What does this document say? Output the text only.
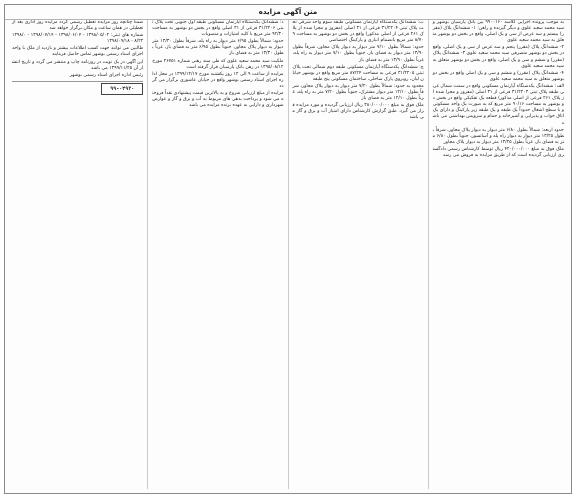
متن آگهی مزایده

به موجب پرونده اجرایی کلاسه ۹۹۰۰۱۶۰ بین بانک پارسیان بوشهر و سید محمد سعید علوی و دیگر گیرنده و راهن: ۱- ششدانگ پلاک (مقرر) بیستم و سه عرض از سی و یک اصلی، واقع در بخش دو بوشهر متعلق به سید محمد سعید علوی

۲- ششدانگ پلاک (مقرر) پنجم و سه عرض از سی و یک اصلی، واقع در بخش دو بوشهر متصرفی سید محمد سعید علوی ۳- ششدانگ پلاک (مقرر) و ششم و سی و یک اصلی، واقع در بخش دو بوشهر متعلق به سید محمد سعید علوی

۴- ششدانگ پلاک (مقرر) و ششم و سی و یک اصلی واقع در بخش دو بوشهر متعلق به سید محمد سعید علوی

الف: ششدانگ یکدستگاه آپارتمان مسکونی واقع در سمت شمال غربی طبقه پلاک ثبتی ۳۱/۲۲۰۳ فرعی از ۳۱ اصلی (مفروز و مجزا شده از پلاک ۲۶۱ فرعی از اصلی مذکور) قطعه یک تفکیکی واقع در بخش دو بوشهر به مساحت ۹۰/۱۶ متر مربع که به صورت یک واحد مسکونی و با سطح اشغال حدوداً یک طبقه و یک طبقه زیر پارکینگ و دارای یک اتاق خواب و پذیرایی و آشپزخانه و حمام و سرویس بهداشتی می باشد

حدود اربعه: شمالاً بطول ۶/۸۰ متر دیوار به دیوار پلاک مجاور، شرقاً بطول ۱۳/۲۵ متر دیوار به دیوار راه پله و آسانسور، جنوباً بطول ۶/۸۰ متر به فضای باز، غرباً بطول ۱۳/۲۵ متر دیوار به دیوار پلاک مجاور

ملک فوق به مبلغ ۴۲۰/۰۰۰/۰۰۰ ریال توسط کارشناس رسمی دادگستری ارزیابی گردیده است که از طریق مزایده به فروش می رسد

ب: ششدانگ یکدستگاه آپارتمان مسکونی طبقه سوم واحد شرقی تحت پلاک ثبتی ۳۱/۲۲۰۴ فرعی از ۳۱ اصلی (مفروز و مجزا شده از پلاک ۲۶۱ فرعی از اصلی مذکور) واقع در بخش دو بوشهر به مساحت ۹۸/۷۰ متر مربع بانضمام انباری و پارکینگ اختصاصی

حدود: شمالاً بطول ۷/۱۰ متر دیوار به دیوار پلاک مجاور، شرقاً بطول ۱۳/۹۰ متر دیوار به فضای باز، جنوباً بطول ۷/۱۰ متر دیوار به راه پله، غرباً بطول ۱۳/۹۰ متر به فضای باز

ج: ششدانگ یکدستگاه آپارتمان مسکونی طبقه دوم شمالی تحت پلاک ثبتی ۳۱/۲۲۰۵ فرعی به مساحت ۸۷/۲۴ متر مربع واقع در بوشهر خیابان لیان، روبروی پارک ساحلی، ساختمان مسکونی پنج طبقه

محدود به حدود: شمالاً بطول ۷/۲۰ متر دیوار به دیوار پلاک مجاور، شرقاً بطول ۱۲/۱۰ متر دیوار مشترک، جنوباً بطول ۷/۲۰ متر به راه پله، غرباً بطول ۱۲/۱۰ متر به فضای باز

ملک فوق به مبلغ ۳۸۰/۰۰۰/۰۰۰ ریال ارزیابی گردیده و مورد مزایده قرار می گیرد. طبق گزارش کارشناس دارای امتیاز آب و برق و گاز می باشد

د: ششدانگ یکدستگاه آپارتمان مسکونی طبقه اول جنوبی تحت پلاک ثبتی ۳۱/۲۲۰۶ فرعی از ۳۱ اصلی واقع در بخش دو بوشهر به مساحت ۹۲/۳۰ متر مربع با کلیه امتیازات و منصوبات

حدود: شمالاً بطول ۶/۹۵ متر دیوار به راه پله، شرقاً بطول ۱۳/۳۰ متر دیوار به دیوار پلاک مجاور، جنوباً بطول ۶/۹۵ متر به فضای باز، غرباً بطول ۱۳/۳۰ متر به فضای باز

ملکیت سید محمد سعید علوی که طی سند رهنی شماره ۲۶۷۵۱ مورخ ۱۳۹۵/۰۸/۱۲ در رهن بانک پارسیان قرار گرفته است

مزایده از ساعت ۹ الی ۱۲ روز یکشنبه مورخ ۱۳۹۹/۱۲/۱۷ در محل اداره اجرای اسناد رسمی بوشهر واقع در خیابان عاشوری برگزار می گردد

مزایده از مبلغ ارزیابی شروع و به بالاترین قیمت پیشنهادی نقداً فروخته می شود و پرداخت بدهی های مربوط به آب و برق و گاز و عوارض شهرداری و دارایی به عهده برنده مزایده می باشد

ضمناً چنانچه روز مزایده تعطیل رسمی گردد مزایده روز اداری بعد از تعطیلی در همان ساعت و مکان برگزار خواهد شد

شماره های ثبتی: ۱۳۹۸/۰۵/۰۲ - ۱۳۹۸/۰۶/۰۴ - ۱۳۹۸/۰۷/۱۴ - ۱۳۹۸/۰۸/۲۲ - ۱۳۹۸/۰۹/۱۸

طالبین می توانند جهت کسب اطلاعات بیشتر و بازدید از ملک با واحد اجرای اسناد رسمی بوشهر تماس حاصل فرمایند

این آگهی در یک نوبت در روزنامه چاپ و منتشر می گردد و تاریخ انتشار آن ۱۳۹۹/۱۱/۲۵ می باشد

رئیس اداره اجرای اسناد رسمی بوشهر

۹۹-۰۴۹۲۰
